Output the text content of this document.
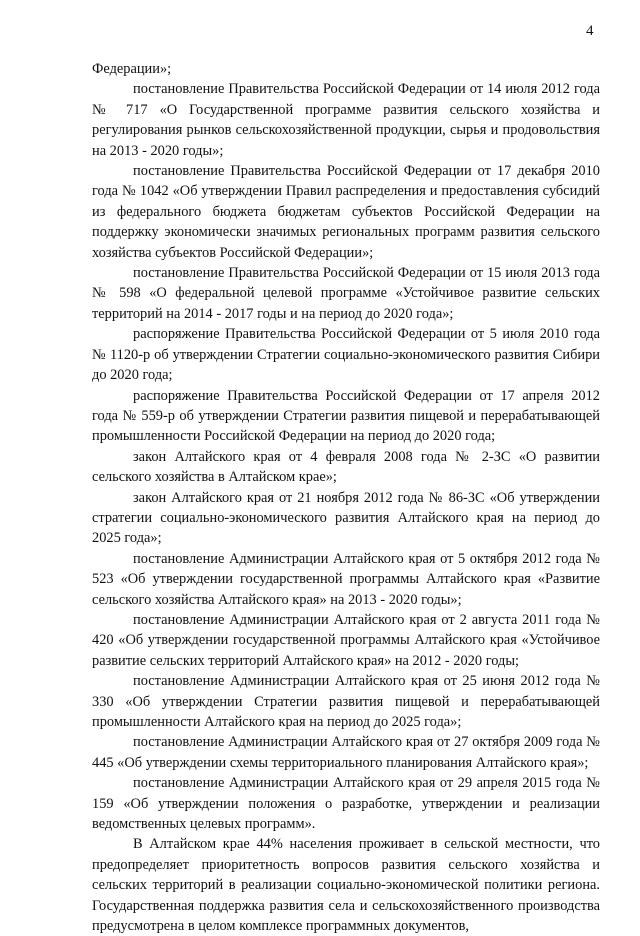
4

Федерации»;

постановление Правительства Российской Федерации от 14 июля 2012 года № 717 «О Государственной программе развития сельского хозяйства и регулирования рынков сельскохозяйственной продукции, сырья и продовольствия на 2013 - 2020 годы»;

постановление Правительства Российской Федерации от 17 декабря 2010 года № 1042 «Об утверждении Правил распределения и предоставления субсидий из федерального бюджета бюджетам субъектов Российской Федерации на поддержку экономически значимых региональных программ развития сельского хозяйства субъектов Российской Федерации»;

постановление Правительства Российской Федерации от 15 июля 2013 года № 598 «О федеральной целевой программе «Устойчивое развитие сельских территорий на 2014 - 2017 годы и на период до 2020 года»;

распоряжение Правительства Российской Федерации от 5 июля 2010 года № 1120-р об утверждении Стратегии социально-экономического развития Сибири до 2020 года;

распоряжение Правительства Российской Федерации от 17 апреля 2012 года № 559-р об утверждении Стратегии развития пищевой и перерабатывающей промышленности Российской Федерации на период до 2020 года;

закон Алтайского края от 4 февраля 2008 года № 2-ЗС «О развитии сельского хозяйства в Алтайском крае»;

закон Алтайского края от 21 ноября 2012 года № 86-ЗС «Об утверждении стратегии социально-экономического развития Алтайского края на период до 2025 года»;

постановление Администрации Алтайского края от 5 октября 2012 года № 523 «Об утверждении государственной программы Алтайского края «Развитие сельского хозяйства Алтайского края» на 2013 - 2020 годы»;

постановление Администрации Алтайского края от 2 августа 2011 года № 420 «Об утверждении государственной программы Алтайского края «Устойчивое развитие сельских территорий Алтайского края» на 2012 - 2020 годы;

постановление Администрации Алтайского края от 25 июня 2012 года № 330 «Об утверждении Стратегии развития пищевой и перерабатывающей промышленности Алтайского края на период до 2025 года»;

постановление Администрации Алтайского края от 27 октября 2009 года № 445 «Об утверждении схемы территориального планирования Алтайского края»;

постановление Администрации Алтайского края от 29 апреля 2015 года № 159 «Об утверждении положения о разработке, утверждении и реализации ведомственных целевых программ».

В Алтайском крае 44% населения проживает в сельской местности, что предопределяет приоритетность вопросов развития сельского хозяйства и сельских территорий в реализации социально-экономической политики региона. Государственная поддержка развития села и сельскохозяйственного производства предусмотрена в целом комплексе программных документов,
